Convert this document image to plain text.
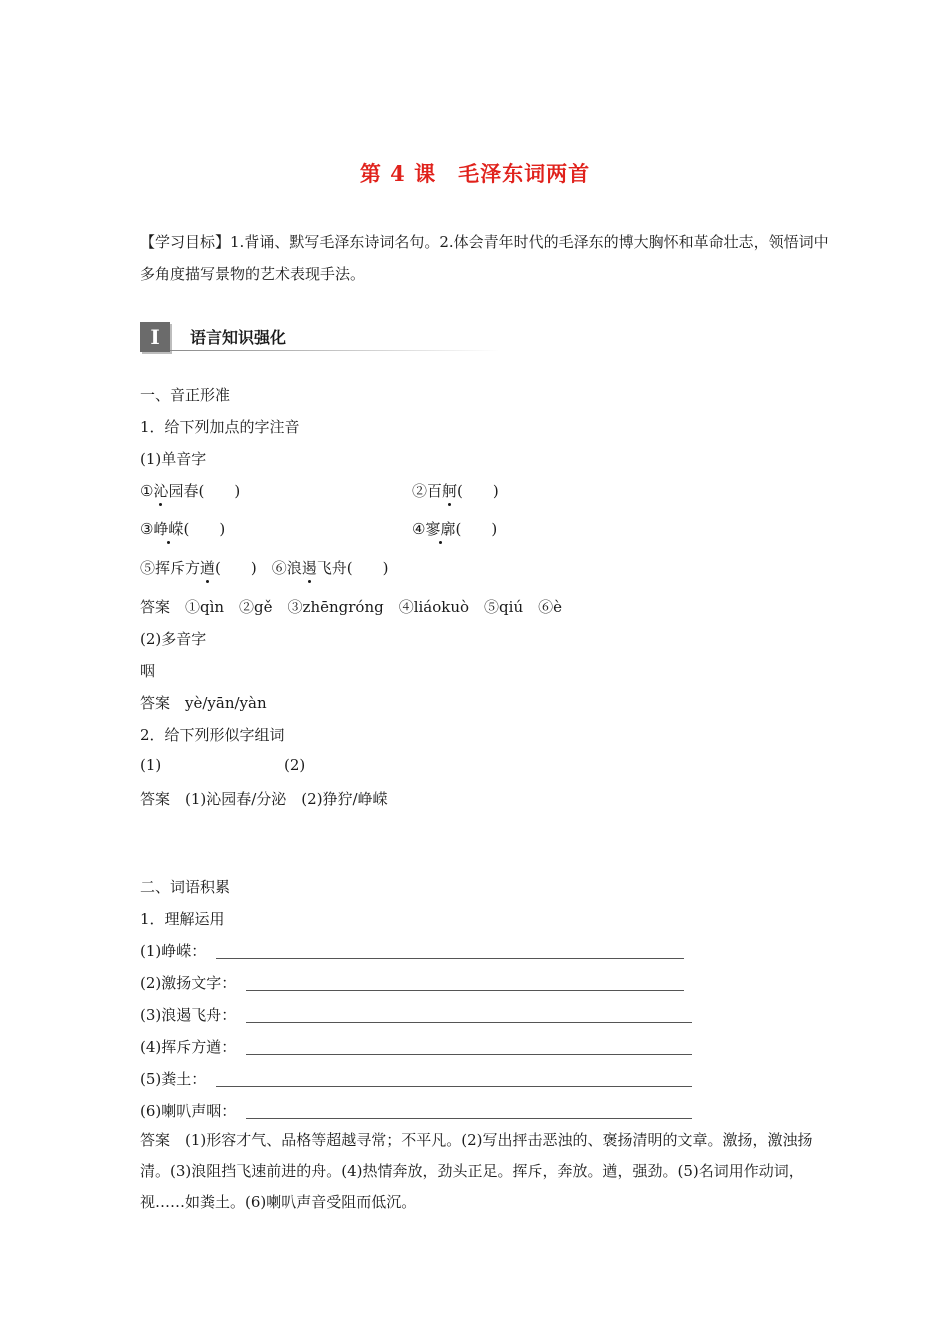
第 4 课　毛泽东词两首
【学习目标】1.背诵、默写毛泽东诗词名句。2.体会青年时代的毛泽东的博大胸怀和革命壮志，领悟词中多角度描写景物的艺术表现手法。
I	语言知识强化
一、音正形准
1．给下列加点的字注音
(1)单音字
①沁园春(　　)	②百舸(　　)
③峥嵘(　　)	④寥廓(　　)
⑤挥斥方遒(　　)　⑥浪遏飞舟(　　)
答案　①qìn　②gě　③zhēngróng　④liáokuò　⑤qiú　⑥è
(2)多音字
咽
答案　yè/yān/yàn
2．给下列形似字组词
(1)	(2)
答案　(1)沁园春/分泌　(2)狰狞/峥嵘
二、词语积累
1．理解运用
(1)峥嵘：
(2)激扬文字：
(3)浪遏飞舟：
(4)挥斥方遒：
(5)粪土：
(6)喇叭声咽：
答案　(1)形容才气、品格等超越寻常；不平凡。(2)写出抨击恶浊的、褒扬清明的文章。激扬，激浊扬清。(3)浪阻挡飞速前进的舟。(4)热情奔放，劲头正足。挥斥，奔放。遒，强劲。(5)名词用作动词，视……如粪土。(6)喇叭声音受阻而低沉。
